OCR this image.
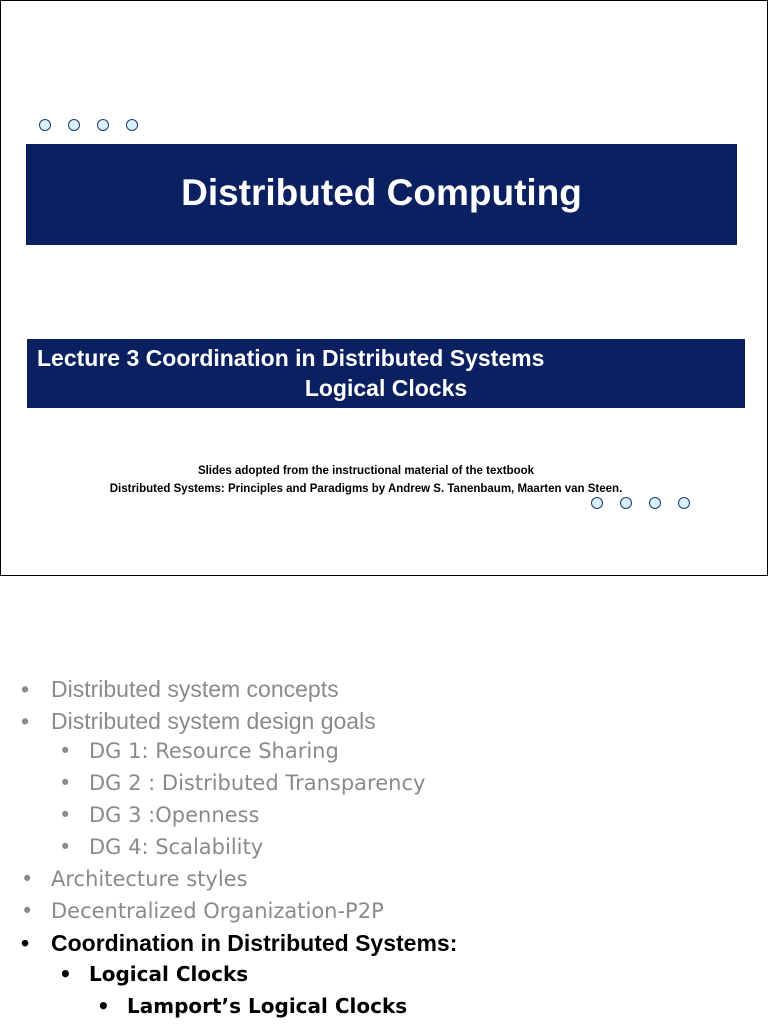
Distributed Computing
Lecture 3 Coordination in Distributed Systems
Logical Clocks
Slides adopted from the instructional material of the textbook
Distributed Systems: Principles and Paradigms by Andrew S. Tanenbaum, Maarten van Steen.
• Distributed system concepts
• Distributed system design goals
• DG 1: Resource Sharing
• DG 2 : Distributed Transparency
• DG 3 :Openness
• DG 4: Scalability
• Architecture styles
• Decentralized Organization-P2P
• Coordination in Distributed Systems:
• Logical Clocks
• Lamport’s Logical Clocks
